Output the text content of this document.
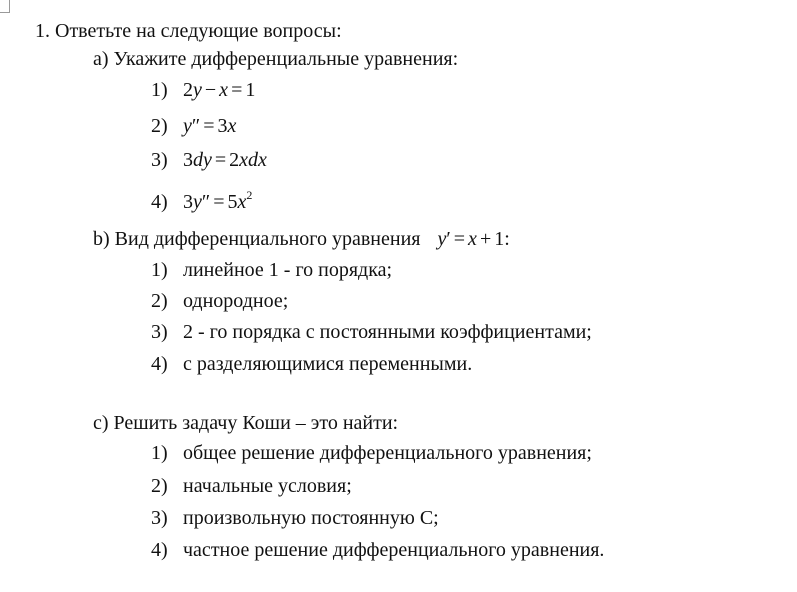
1. Ответьте на следующие вопросы:
a) Укажите дифференциальные уравнения:
1) 2y − x = 1
2) y″ = 3x
3) 3dy = 2xdx
4) $3y'' = 5x^2$
b) Вид дифференциального уравнения y′ = x + 1:
1) линейное 1 - го порядка;
2) однородное;
3) 2 - го порядка с постоянными коэффициентами;
4) с разделяющимися переменными.
c) Решить задачу Коши – это найти:
1) общее решение дифференциального уравнения;
2) начальные условия;
3) произвольную постоянную С;
4) частное решение дифференциального уравнения.
